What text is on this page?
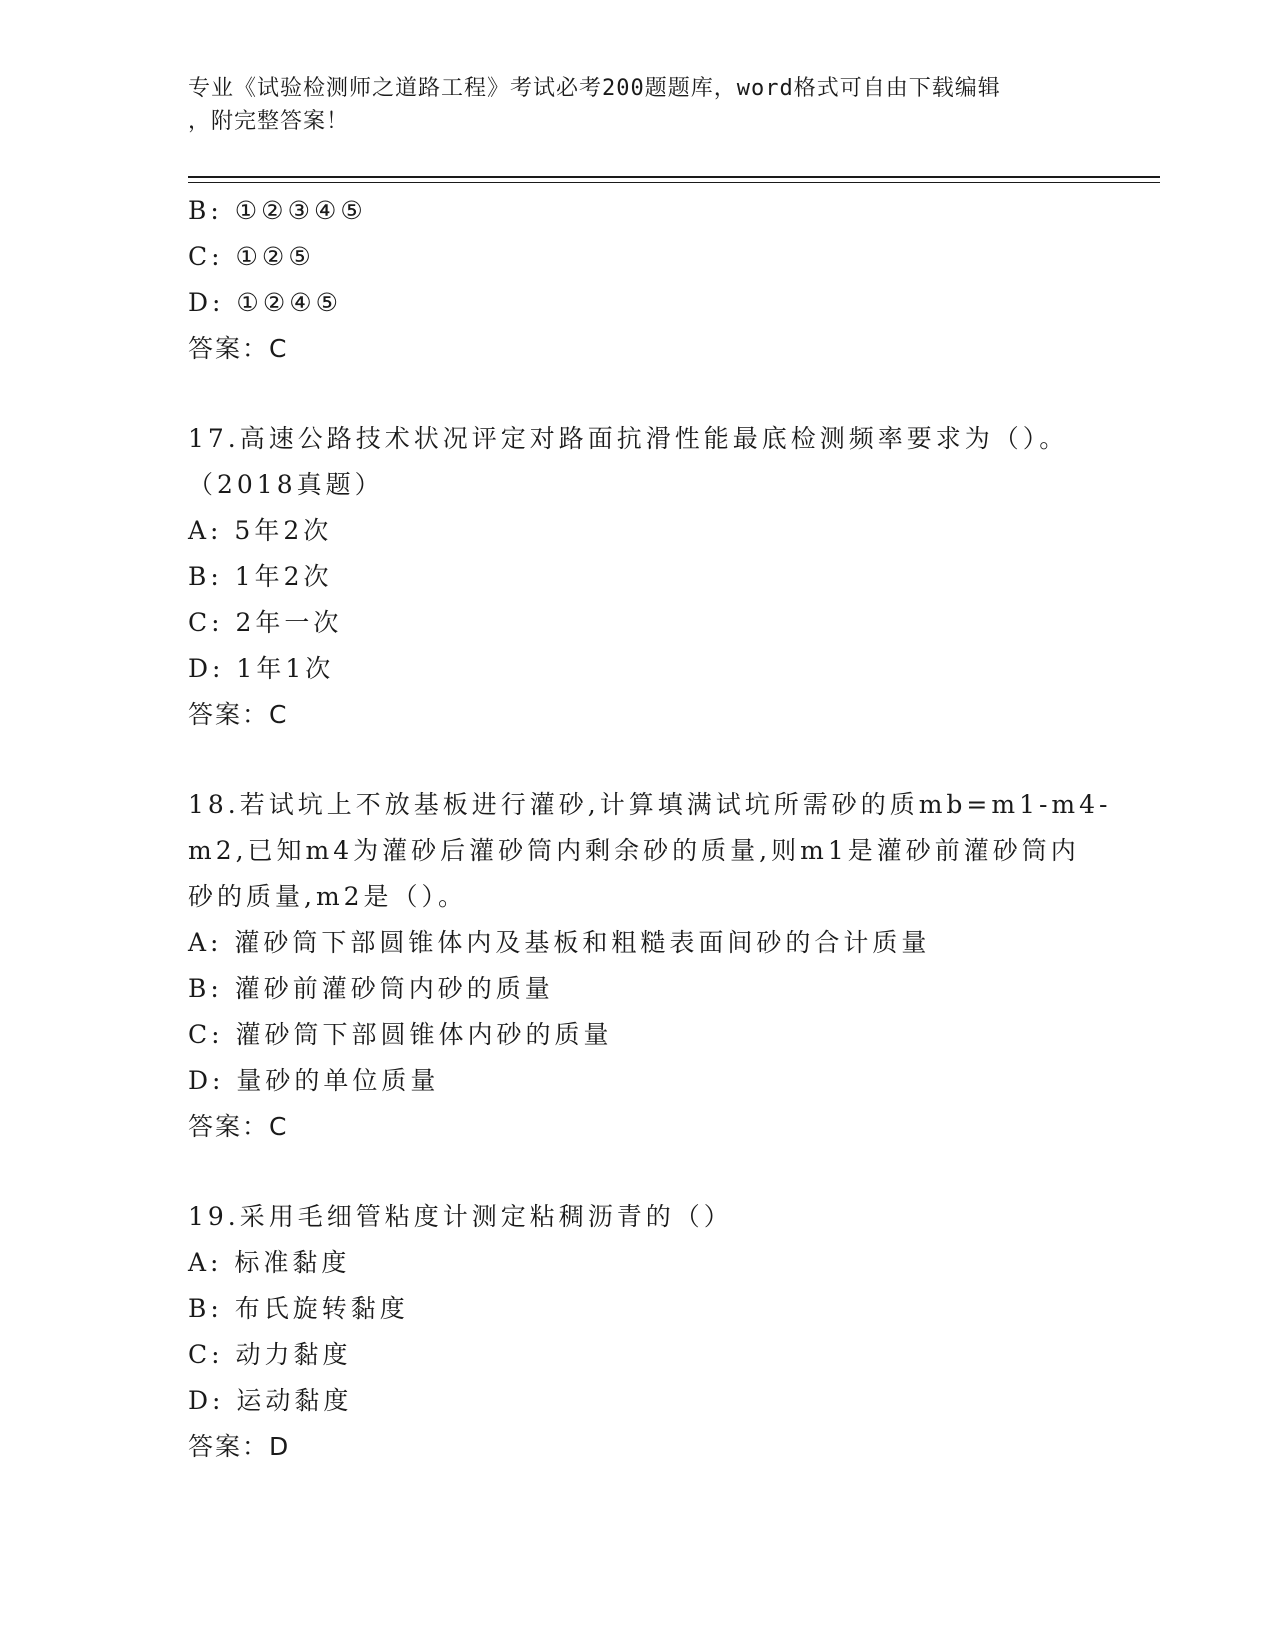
专业《试验检测师之道路工程》考试必考200题题库，word格式可自由下载编辑
，附完整答案！
B: ①②③④⑤
C: ①②⑤
D: ①②④⑤
答案：C
17.高速公路技术状况评定对路面抗滑性能最底检测频率要求为（）。
（2018真题）
A: 5年2次
B: 1年2次
C: 2年一次
D: 1年1次
答案：C
18.若试坑上不放基板进行灌砂,计算填满试坑所需砂的质mb=m1-m4-
m2,已知m4为灌砂后灌砂筒内剩余砂的质量,则m1是灌砂前灌砂筒内
砂的质量,m2是（）。
A: 灌砂筒下部圆锥体内及基板和粗糙表面间砂的合计质量
B: 灌砂前灌砂筒内砂的质量
C: 灌砂筒下部圆锥体内砂的质量
D: 量砂的单位质量
答案：C
19.采用毛细管粘度计测定粘稠沥青的（）
A: 标准黏度
B: 布氏旋转黏度
C: 动力黏度
D: 运动黏度
答案：D
